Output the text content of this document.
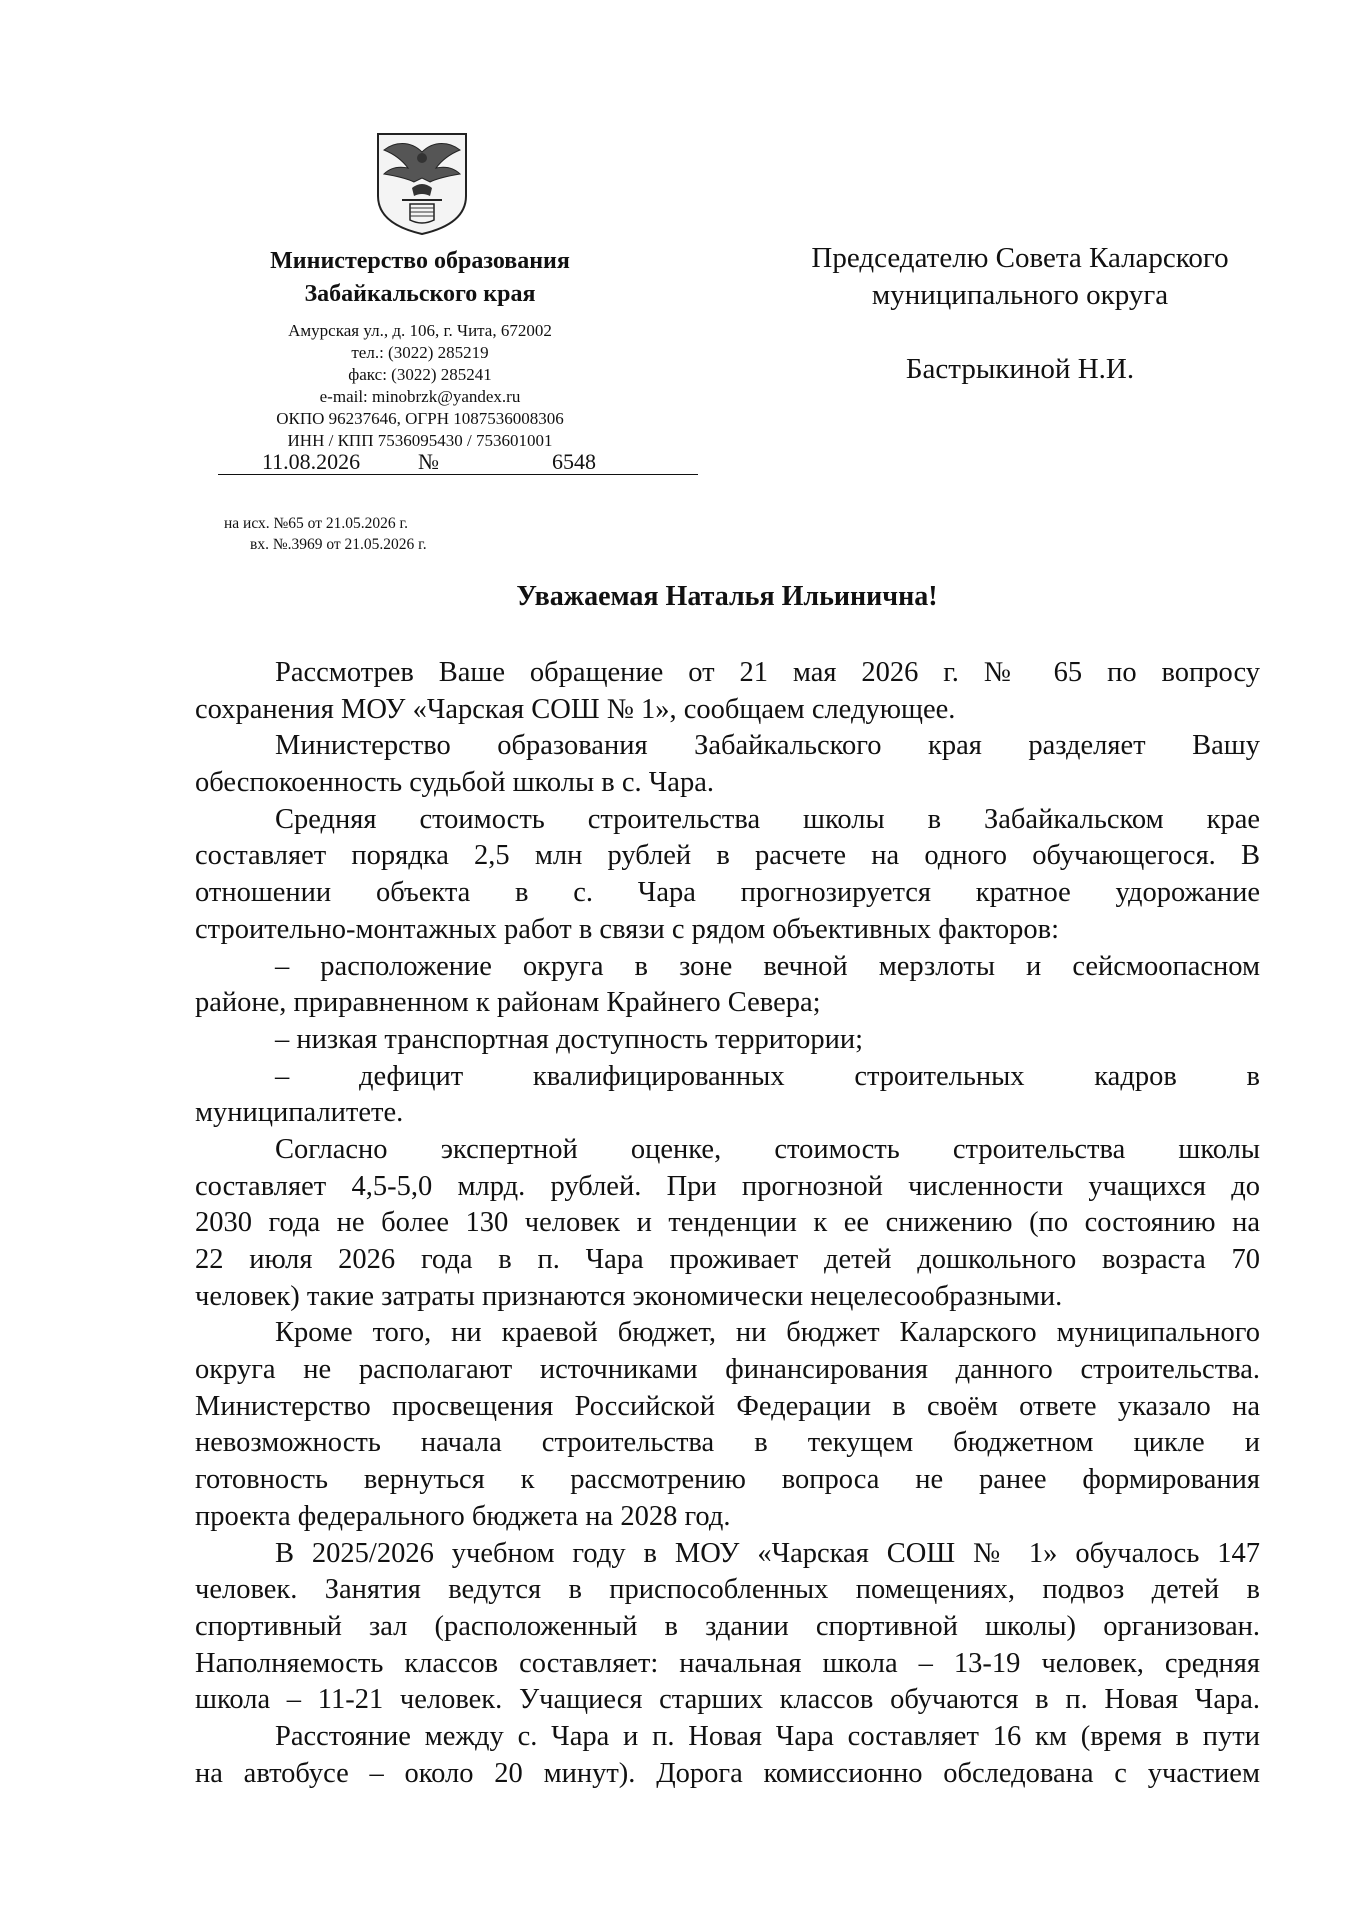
Министерство образования
Забайкальского края
Амурская ул., д. 106, г. Чита, 672002
тел.: (3022) 285219
факс: (3022) 285241
e-mail: minobrzk@yandex.ru
ОКПО 96237646, ОГРН 1087536008306
ИНН / КПП 7536095430 / 753601001
11.08.2026	№	6548
на исх. №65 от 21.05.2026 г.
вх. №.3969 от 21.05.2026 г.
Председателю Совета Каларского
муниципального округа
Бастрыкиной Н.И.
Уважаемая Наталья Ильинична!
Рассмотрев Ваше обращение от 21 мая 2026 г. № 65 по вопросу
сохранения МОУ «Чарская СОШ № 1», сообщаем следующее.
Министерство образования Забайкальского края разделяет Вашу
обеспокоенность судьбой школы в с. Чара.
Средняя стоимость строительства школы в Забайкальском крае
составляет порядка 2,5 млн рублей в расчете на одного обучающегося. В
отношении объекта в с. Чара прогнозируется кратное удорожание
строительно-монтажных работ в связи с рядом объективных факторов:
– расположение округа в зоне вечной мерзлоты и сейсмоопасном
районе, приравненном к районам Крайнего Севера;
– низкая транспортная доступность территории;
– дефицит квалифицированных строительных кадров в
муниципалитете.
Согласно экспертной оценке, стоимость строительства школы
составляет 4,5-5,0 млрд. рублей. При прогнозной численности учащихся до
2030 года не более 130 человек и тенденции к ее снижению (по состоянию на
22 июля 2026 года в п. Чара проживает детей дошкольного возраста 70
человек) такие затраты признаются экономически нецелесообразными.
Кроме того, ни краевой бюджет, ни бюджет Каларского муниципального
округа не располагают источниками финансирования данного строительства.
Министерство просвещения Российской Федерации в своём ответе указало на
невозможность начала строительства в текущем бюджетном цикле и
готовность вернуться к рассмотрению вопроса не ранее формирования
проекта федерального бюджета на 2028 год.
В 2025/2026 учебном году в МОУ «Чарская СОШ № 1» обучалось 147
человек. Занятия ведутся в приспособленных помещениях, подвоз детей в
спортивный зал (расположенный в здании спортивной школы) организован.
Наполняемость классов составляет: начальная школа – 13-19 человек, средняя
школа – 11-21 человек. Учащиеся старших классов обучаются в п. Новая Чара.
Расстояние между с. Чара и п. Новая Чара составляет 16 км (время в пути
на автобусе – около 20 минут). Дорога комиссионно обследована с участием
